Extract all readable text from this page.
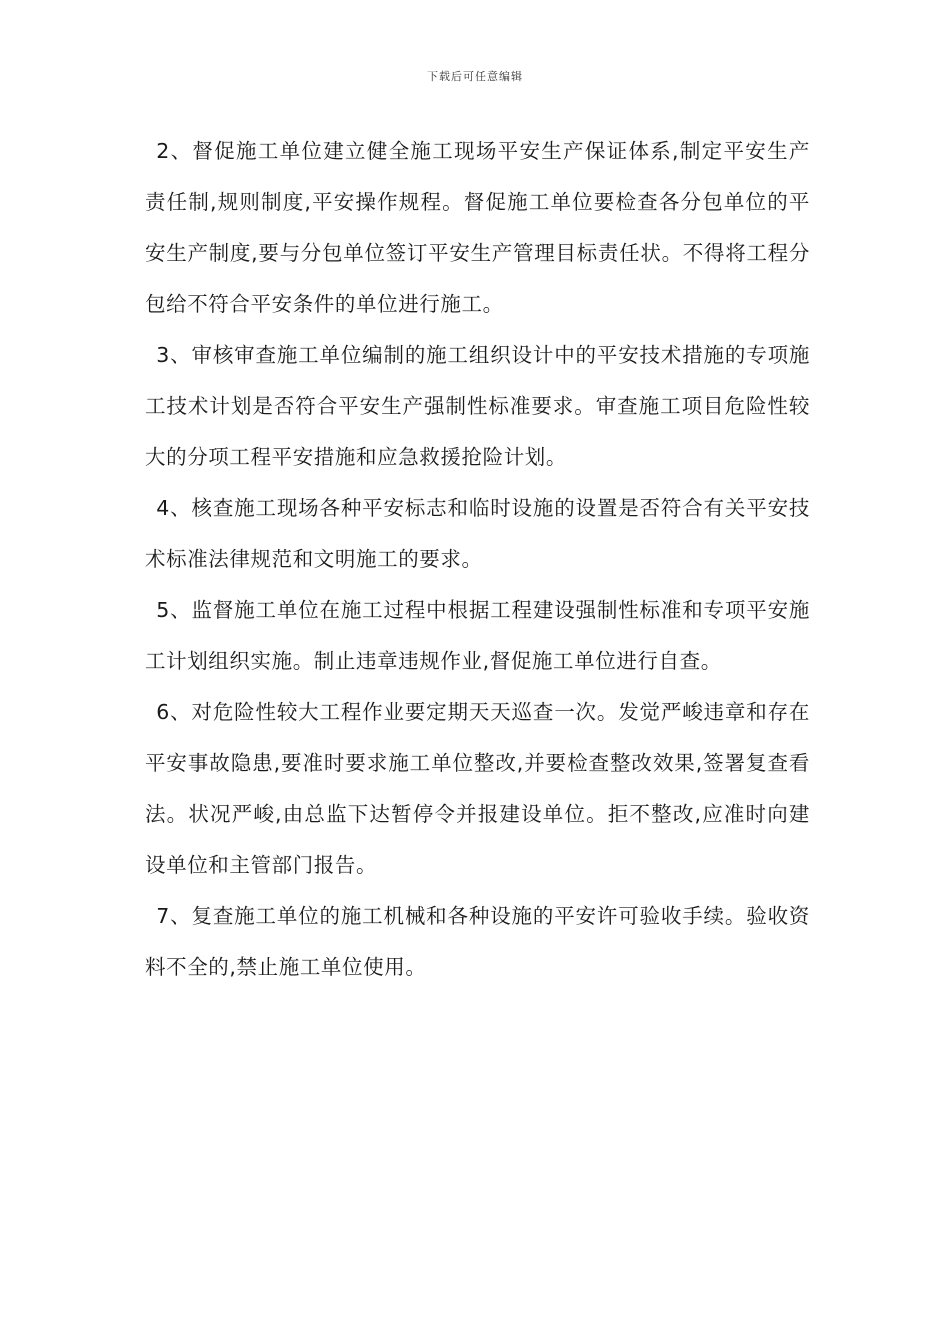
下载后可任意编辑

2、督促施工单位建立健全施工现场平安生产保证体系,制定平安生产责任制,规则制度,平安操作规程。督促施工单位要检查各分包单位的平安生产制度,要与分包单位签订平安生产管理目标责任状。不得将工程分包给不符合平安条件的单位进行施工。

3、审核审查施工单位编制的施工组织设计中的平安技术措施的专项施工技术计划是否符合平安生产强制性标准要求。审查施工项目危险性较大的分项工程平安措施和应急救援抢险计划。

4、核查施工现场各种平安标志和临时设施的设置是否符合有关平安技术标准法律规范和文明施工的要求。

5、监督施工单位在施工过程中根据工程建设强制性标准和专项平安施工计划组织实施。制止违章违规作业,督促施工单位进行自查。

6、对危险性较大工程作业要定期天天巡查一次。发觉严峻违章和存在平安事故隐患,要准时要求施工单位整改,并要检查整改效果,签署复查看法。状况严峻,由总监下达暂停令并报建设单位。拒不整改,应准时向建设单位和主管部门报告。

7、复查施工单位的施工机械和各种设施的平安许可验收手续。验收资料不全的,禁止施工单位使用。
